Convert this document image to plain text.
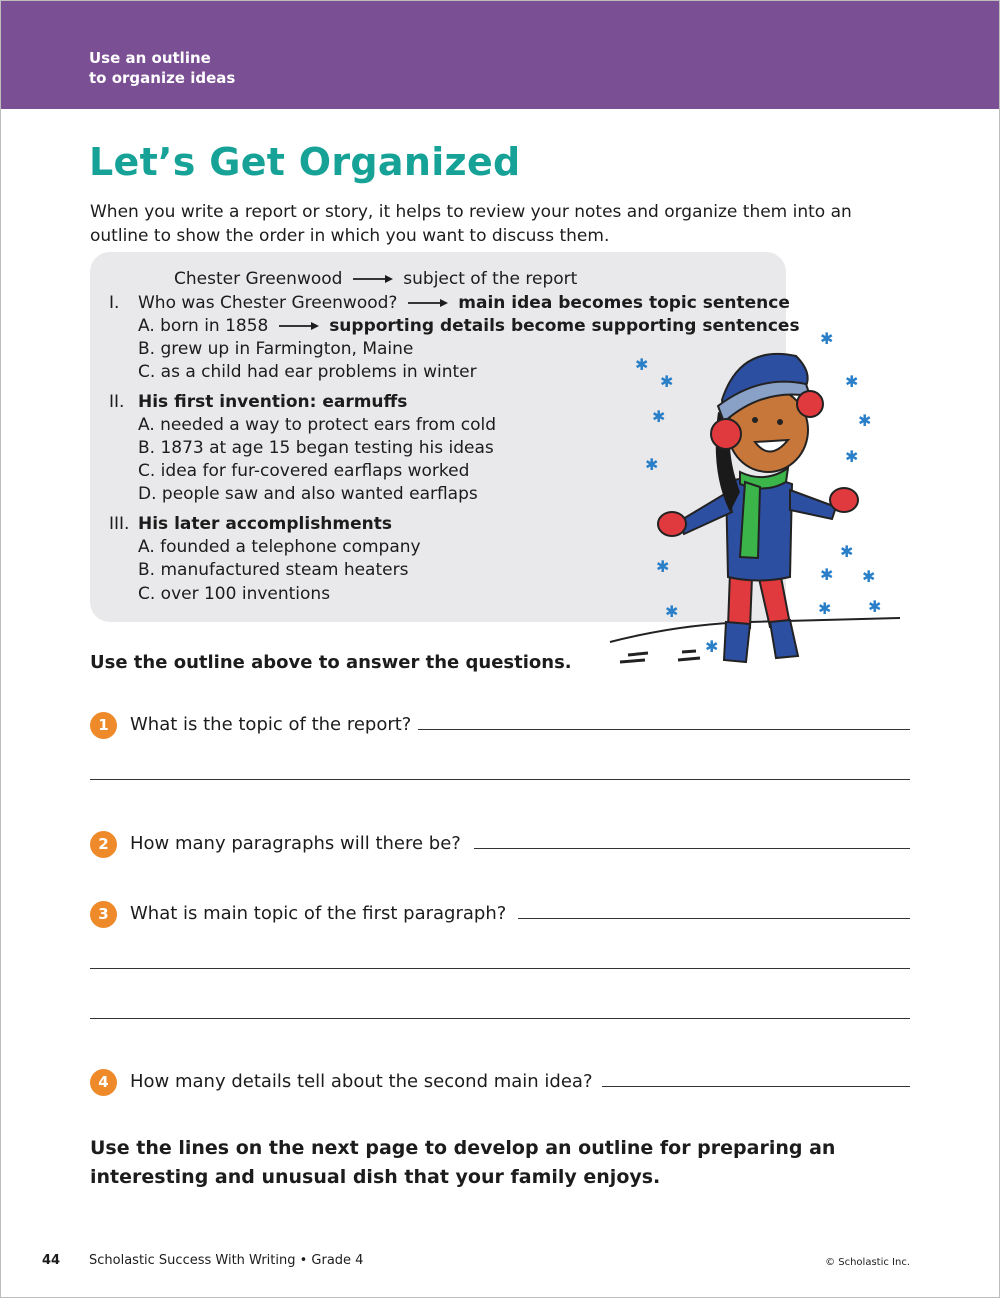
Use an outline
to organize ideas
Let’s Get Organized

When you write a report or story, it helps to review your notes and organize them into an outline to show the order in which you want to discuss them.

Chester Greenwood	subject of the report
I. Who was Chester Greenwood?	main idea becomes topic sentence
A. born in 1858	supporting details become supporting sentences
B. grew up in Farmington, Maine
C. as a child had ear problems in winter
II. His first invention: earmuffs
A. needed a way to protect ears from cold
B. 1873 at age 15 began testing his ideas
C. idea for fur-covered earflaps worked
D. people saw and also wanted earflaps
III. His later accomplishments
A. founded a telephone company
B. manufactured steam heaters
C. over 100 inventions
✱
✱
✱
✱
✱
✱
✱
✱
✱
✱
✱
✱
✱	✱
✱
✱

Use the outline above to answer the questions.

1	What is the topic of the report?
2	How many paragraphs will there be?
3	What is main topic of the first paragraph?
4	How many details tell about the second main idea?

Use the lines on the next page to develop an outline for preparing an interesting and unusual dish that your family enjoys.

44 Scholastic Success With Writing • Grade 4	© Scholastic Inc.
